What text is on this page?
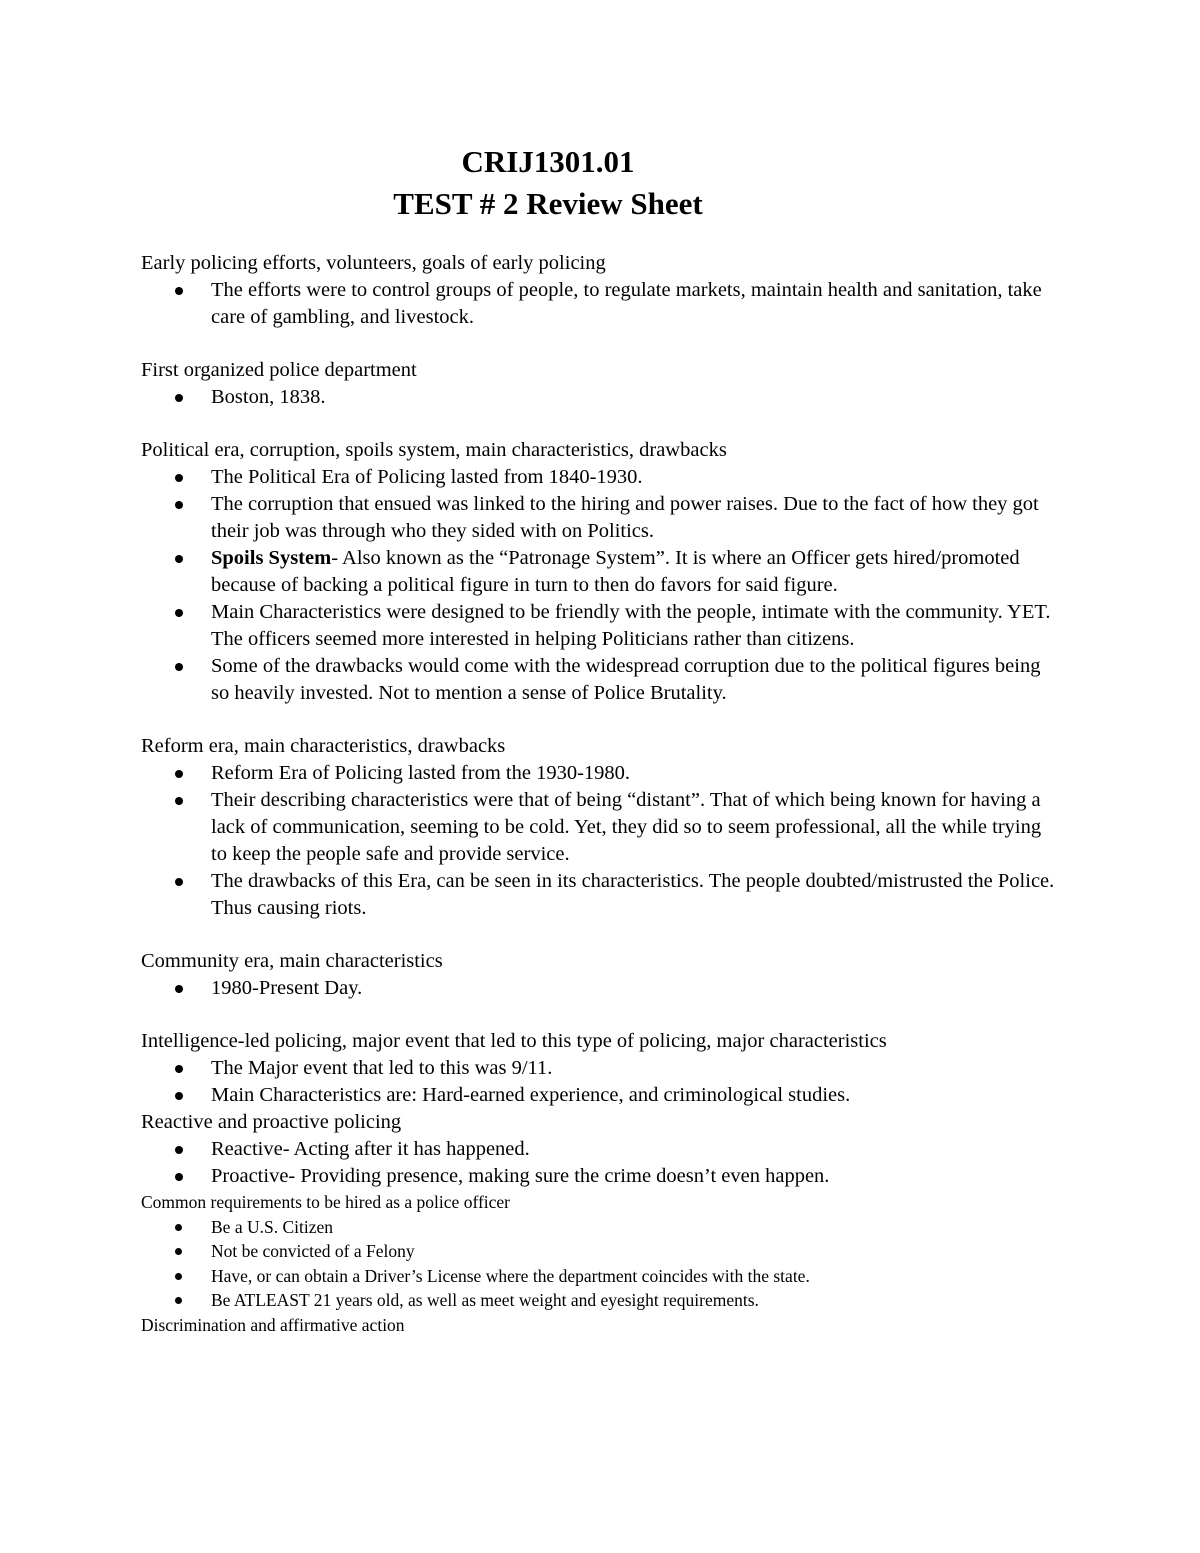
CRIJ1301.01
TEST # 2 Review Sheet

Early policing efforts, volunteers, goals of early policing

The efforts were to control groups of people, to regulate markets, maintain health and sanitation, take care of gambling, and livestock.

First organized police department

Boston, 1838.

Political era, corruption, spoils system, main characteristics, drawbacks

The Political Era of Policing lasted from 1840-1930.
The corruption that ensued was linked to the hiring and power raises. Due to the fact of how they got their job was through who they sided with on Politics.
Spoils System- Also known as the “Patronage System”. It is where an Officer gets hired/promoted because of backing a political figure in turn to then do favors for said figure.
Main Characteristics were designed to be friendly with the people, intimate with the community. YET. The officers seemed more interested in helping Politicians rather than citizens.
Some of the drawbacks would come with the widespread corruption due to the political figures being so heavily invested. Not to mention a sense of Police Brutality.

Reform era, main characteristics, drawbacks

Reform Era of Policing lasted from the 1930-1980.
Their describing characteristics were that of being “distant”. That of which being known for having a lack of communication, seeming to be cold. Yet, they did so to seem professional, all the while trying to keep the people safe and provide service.
The drawbacks of this Era, can be seen in its characteristics. The people doubted/mistrusted the Police. Thus causing riots.

Community era, main characteristics

1980-Present Day.

Intelligence-led policing, major event that led to this type of policing, major characteristics

The Major event that led to this was 9/11.
Main Characteristics are: Hard-earned experience, and criminological studies.

Reactive and proactive policing

Reactive- Acting after it has happened.
Proactive- Providing presence, making sure the crime doesn’t even happen.

Common requirements to be hired as a police officer

Be a U.S. Citizen
Not be convicted of a Felony
Have, or can obtain a Driver’s License where the department coincides with the state.
Be ATLEAST 21 years old, as well as meet weight and eyesight requirements.

Discrimination and affirmative action
